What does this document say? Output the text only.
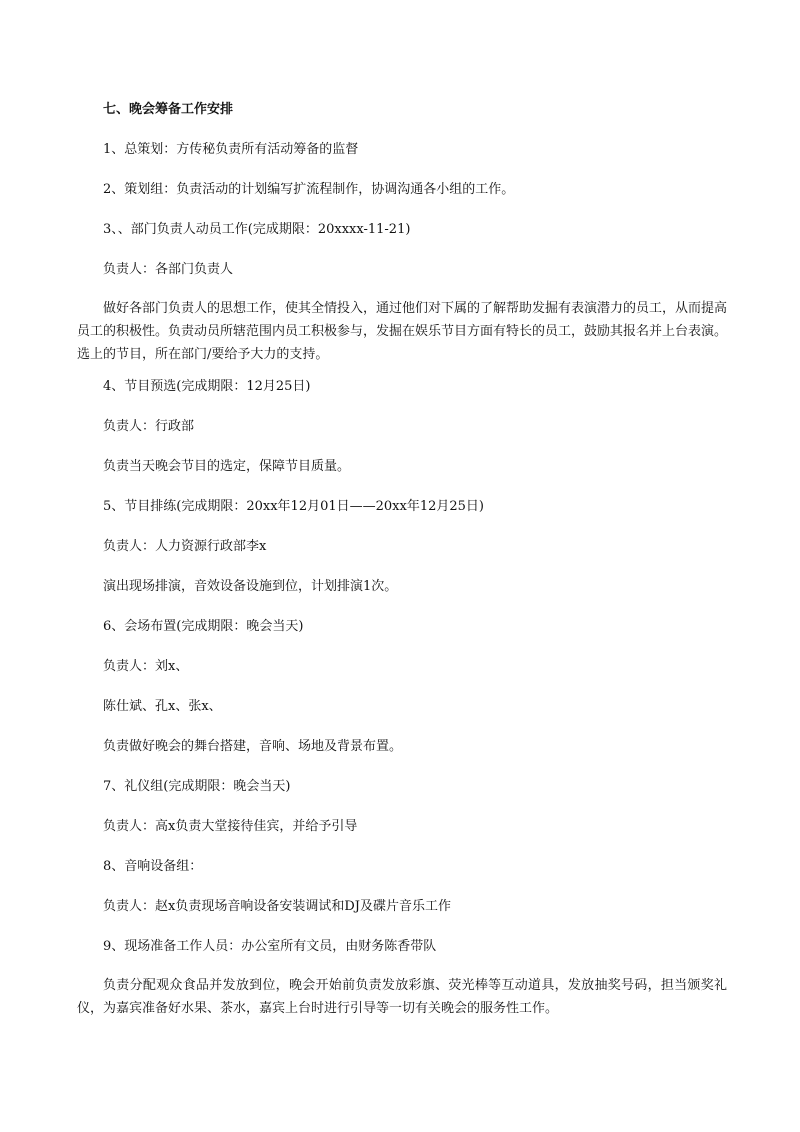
七、晚会筹备工作安排
1、总策划：方传秘负责所有活动筹备的监督
2、策划组：负责活动的计划编写扩流程制作，协调沟通各小组的工作。
3、、部门负责人动员工作(完成期限：20xxxx-11-21)
负责人：各部门负责人
做好各部门负责人的思想工作，使其全情投入，通过他们对下属的了解帮助发掘有表演潜力的员工，从而提高员工的积极性。负责动员所辖范围内员工积极参与，发掘在娱乐节目方面有特长的员工，鼓励其报名并上台表演。选上的节目，所在部门/要给予大力的支持。
4、节目预选(完成期限：12月25日)
负责人：行政部
负责当天晚会节目的选定，保障节目质量。
5、节目排练(完成期限：20xx年12月01日——20xx年12月25日)
负责人：人力资源行政部李x
演出现场排演，音效设备设施到位，计划排演1次。
6、会场布置(完成期限：晚会当天)
负责人：刘x、
陈仕斌、孔x、张x、
负责做好晚会的舞台搭建，音响、场地及背景布置。
7、礼仪组(完成期限：晚会当天)
负责人：高x负责大堂接待佳宾，并给予引导
8、音响设备组：
负责人：赵x负责现场音响设备安装调试和DJ及碟片音乐工作
9、现场准备工作人员：办公室所有文员，由财务陈香带队
负责分配观众食品并发放到位，晚会开始前负责发放彩旗、荧光棒等互动道具，发放抽奖号码，担当颁奖礼仪，为嘉宾准备好水果、茶水，嘉宾上台时进行引导等一切有关晚会的服务性工作。
